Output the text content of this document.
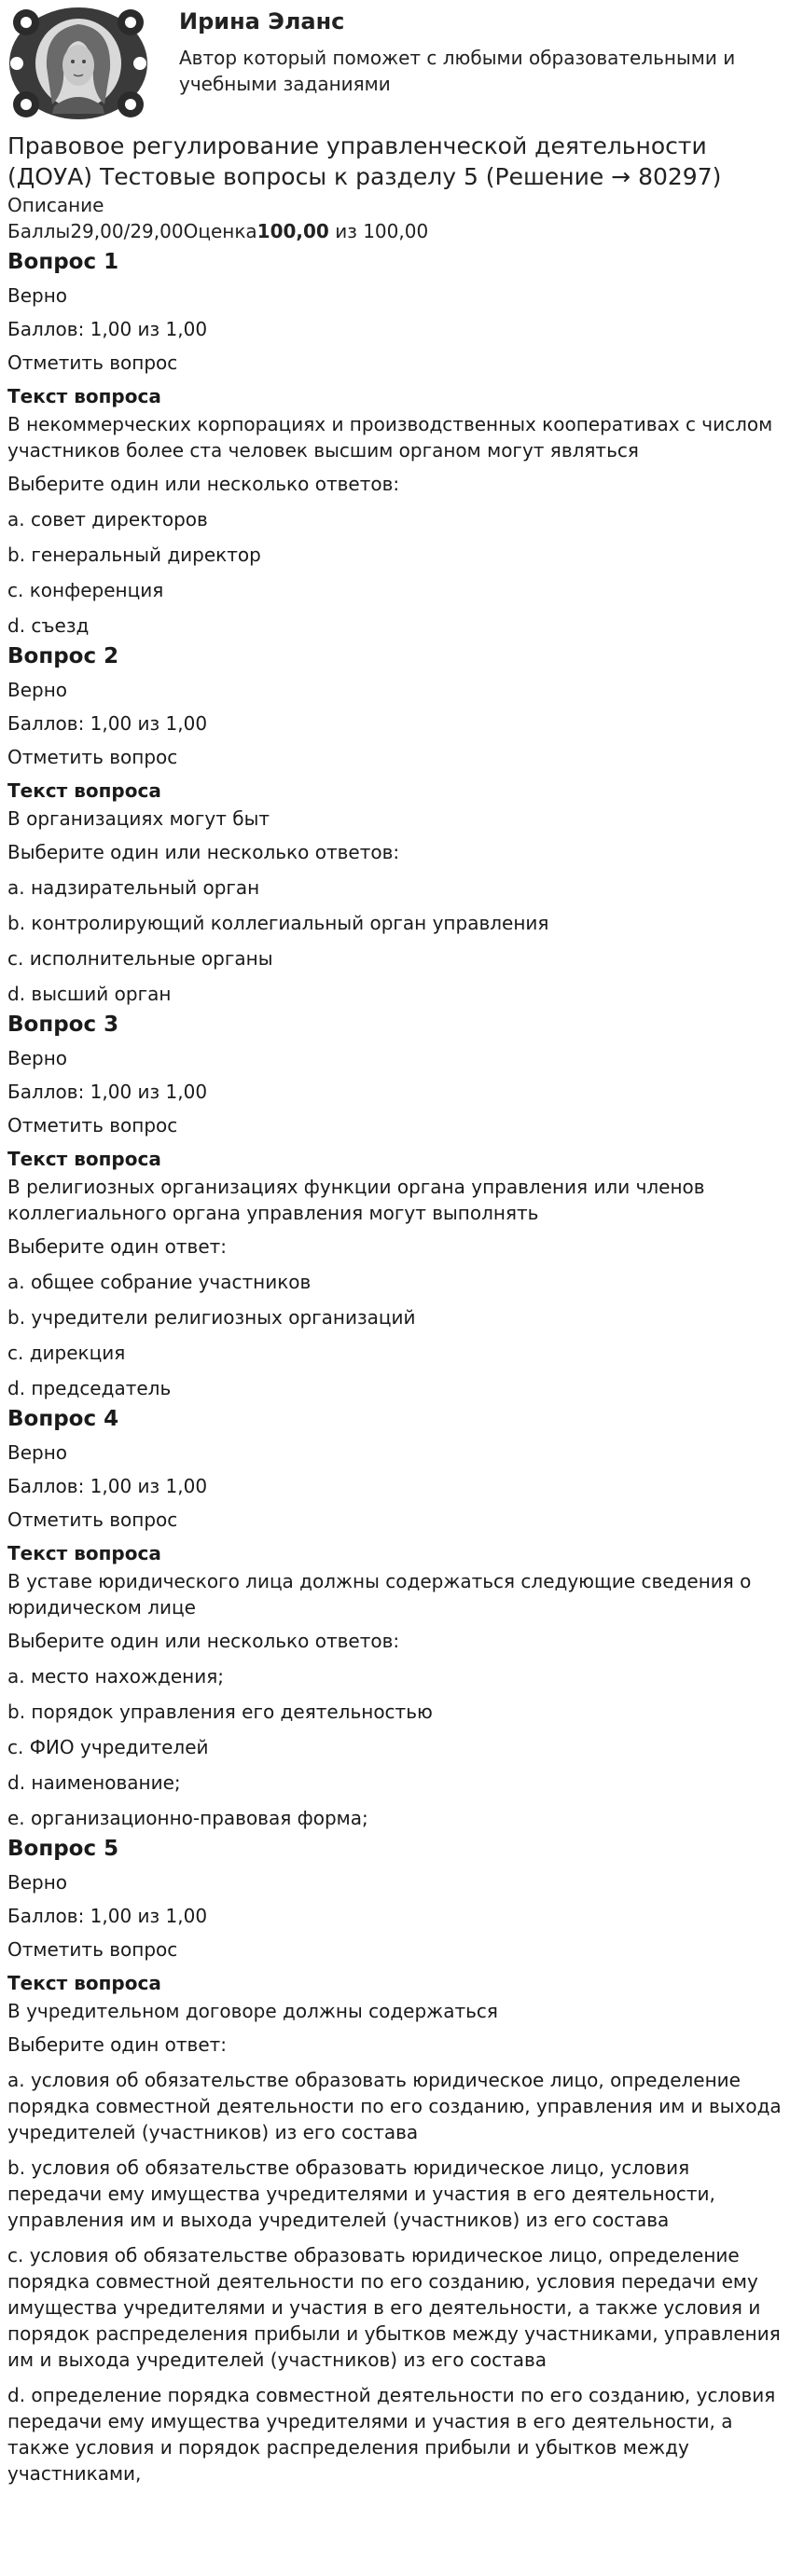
Ирина Эланс
Автор который поможет с любыми образовательными и учебными заданиями
Правовое регулирование управленческой деятельности (ДОУА) Тестовые вопросы к разделу 5 (Решение → 80297)
Описание
Баллы29,00/29,00Оценка100,00 из 100,00
Вопрос 1
Верно
Баллов: 1,00 из 1,00
Отметить вопрос
Текст вопроса
В некоммерческих корпорациях и производственных кооперативах с числом участников более ста человек высшим органом могут являться
Выберите один или несколько ответов:
a. совет директоров
b. генеральный директор
c. конференция
d. съезд
Вопрос 2
Верно
Баллов: 1,00 из 1,00
Отметить вопрос
Текст вопроса
В организациях могут быт
Выберите один или несколько ответов:
a. надзирательный орган
b. контролирующий коллегиальный орган управления
c. исполнительные органы
d. высший орган
Вопрос 3
Верно
Баллов: 1,00 из 1,00
Отметить вопрос
Текст вопроса
В религиозных организациях функции органа управления или членов коллегиального органа управления могут выполнять
Выберите один ответ:
a. общее собрание участников
b. учредители религиозных организаций
c. дирекция
d. председатель
Вопрос 4
Верно
Баллов: 1,00 из 1,00
Отметить вопрос
Текст вопроса
В уставе юридического лица должны содержаться следующие сведения о юридическом лице
Выберите один или несколько ответов:
a. место нахождения;
b. порядок управления его деятельностью
c. ФИО учредителей
d. наименование;
e. организационно-правовая форма;
Вопрос 5
Верно
Баллов: 1,00 из 1,00
Отметить вопрос
Текст вопроса
В учредительном договоре должны содержаться
Выберите один ответ:
a. условия об обязательстве образовать юридическое лицо, определение порядка совместной деятельности по его созданию, управления им и выхода учредителей (участников) из его состава
b. условия об обязательстве образовать юридическое лицо, условия передачи ему имущества учредителями и участия в его деятельности, управления им и выхода учредителей (участников) из его состава
c. условия об обязательстве образовать юридическое лицо, определение порядка совместной деятельности по его созданию, условия передачи ему имущества учредителями и участия в его деятельности, а также условия и порядок распределения прибыли и убытков между участниками, управления им и выхода учредителей (участников) из его состава
d. определение порядка совместной деятельности по его созданию, условия передачи ему имущества учредителями и участия в его деятельности, а также условия и порядок распределения прибыли и убытков между участниками,
